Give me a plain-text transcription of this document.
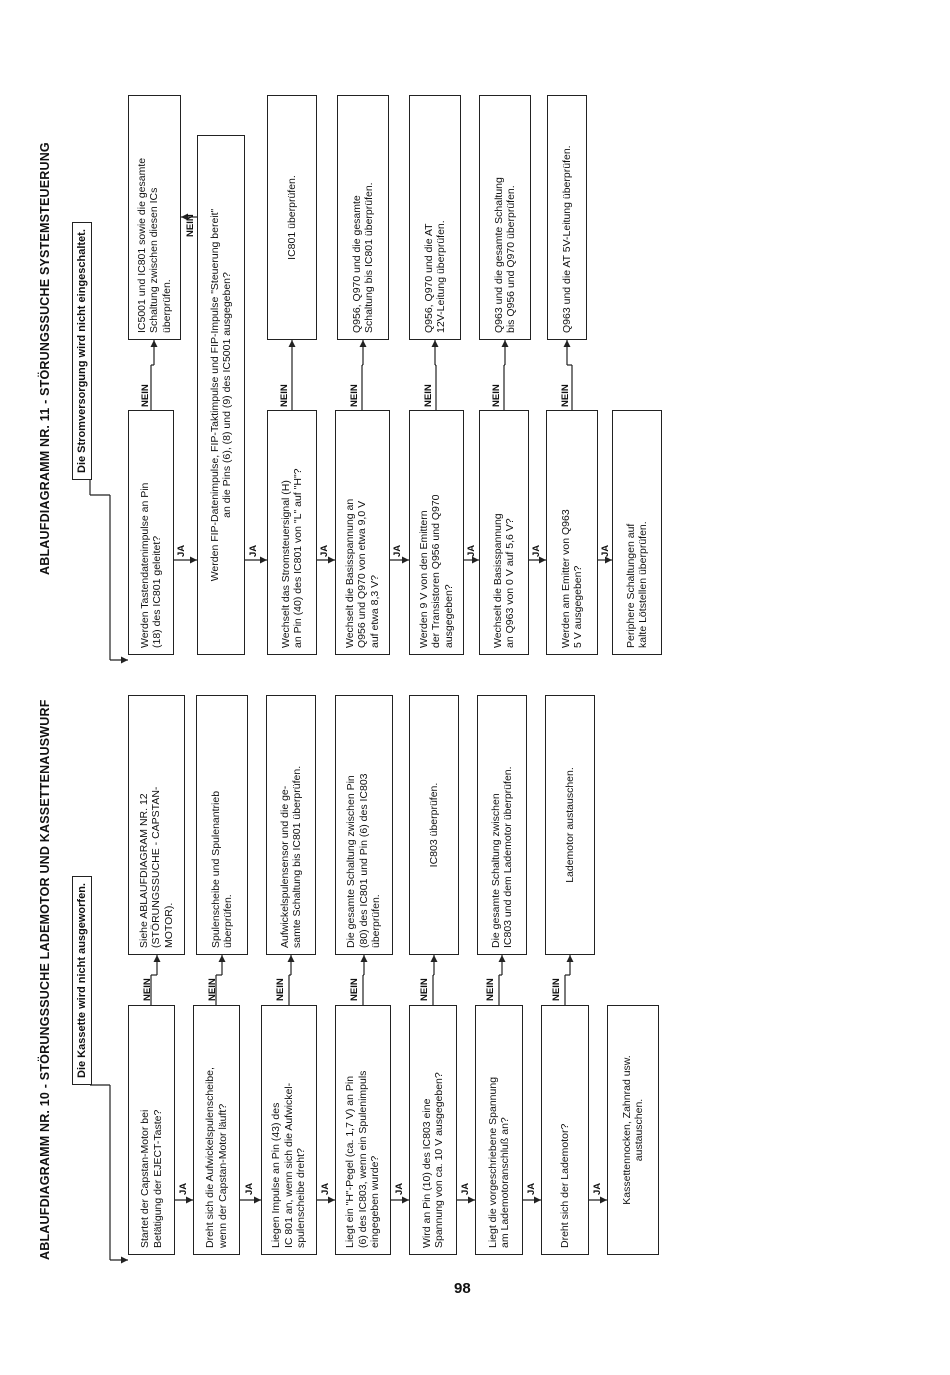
ABLAUFDIAGRAMM NR. 10 - STÖRUNGSSUCHE LADEMOTOR UND KASSETTENAUSWURF	Die Kassette wird nicht ausgeworfen.
Startet der Capstan-Motor bei
Betätigung der EJECT-Taste?
Dreht sich die Aufwickelspulenscheibe,
wenn der Capstan-Motor läuft?
Liegen Impulse an Pin (43) des
IC 801 an, wenn sich die Aufwickel-
spulenscheibe dreht?
Liegt ein "H"-Pegel (ca. 1,7 V) an Pin
(6) des IC803, wenn ein Spulenimpuls
eingegeben wurde?
Wird an Pin (10) des IC803 eine
Spannung von ca. 10 V ausgegeben?
Liegt die vorgeschriebene Spannung
am Lademotoranschluß an?	Dreht sich der Lademotor?	Kassettennocken, Zahnrad usw.
austauschen.
Siehe ABLAUFDIAGRAM NR. 12
(STÖRUNGSSUCHE - CAPSTAN-
MOTOR).	Spulenscheibe und Spulenantrieb
überprüfen.	Aufwickelspulensensor und die ge-
samte Schaltung bis IC801 überprüfen.
Die gesamte Schaltung zwischen Pin
(80) des IC801 und Pin (6) des IC803
überprüfen.
IC803 überprüfen.
Die gesamte Schaltung zwischen
IC803 und dem Lademotor überprüfen.	Lademotor austauschen.
ABLAUFDIAGRAMM NR. 11 - STÖRUNGSSUCHE SYSTEMSTEUERUNG	Die Stromversorgung wird nicht eingeschaltet.
Werden Tastendatenimpulse an Pin
(18) des IC801 geleitet?	Werden FIP-Datenimpulse, FIP-Taktimpulse und FIP-Impulse "Steuerung bereit"
an die Pins (6), (8) und (9) des IC5001 ausgegeben?
Wechselt das Stromsteuersignal (H)
an Pin (40) des IC801 von "L" auf "H"?
Wechselt die Basisspannung an
Q956 und Q970 von etwa 9,0 V
auf etwa 8,3 V?
Werden 9 V von den Emittern
der Transistoren Q956 und Q970
ausgegeben?	Wechselt die Basisspannung
an Q963 von 0 V auf 5,6 V?
Werden am Emitter von Q963
5 V ausgegeben?	Periphere Schaltungen auf
kalte Lötstellen überprüfen.
IC5001 und IC801 sowie die gesamte
Schaltung zwischen diesen ICs
überprüfen.
IC801 überprüfen.
Q956, Q970 und die gesamte
Schaltung bis IC801 überprüfen.
Q956, Q970 und die AT
12V-Leitung überprüfen.
Q963 und die gesamte Schaltung
bis Q956 und Q970 überprüfen.	Q963 und die AT 5V-Leitung überprüfen.
JA	JA	JA	JA	JA	JA	JA
NEIN	NEIN	NEIN	NEIN	NEIN	NEIN	NEIN
JA	JA	JA	JA	JA	JA	JA
NEIN
NEIN
NEIN	NEIN	NEIN	NEIN	NEIN
98
